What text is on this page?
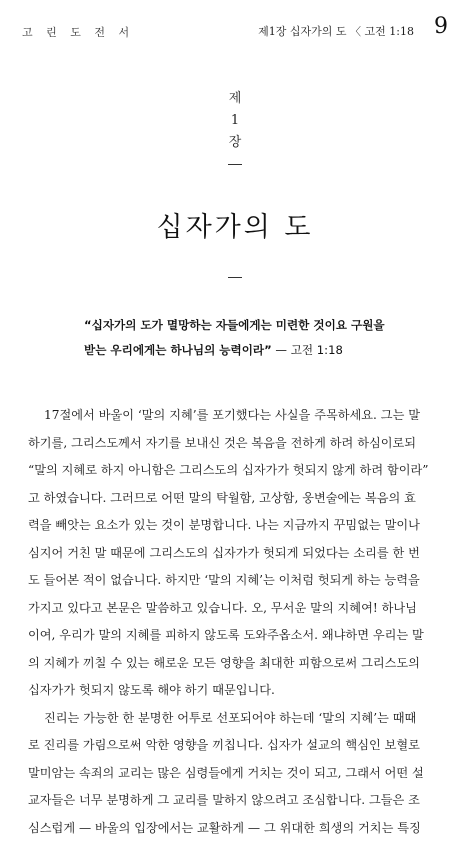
고 린 도 전 서	제1장 십자가의 도 〈 고전 1:18 9
제
1
장
십자가의 도
“십자가의 도가 멸망하는 자들에게는 미련한 것이요 구원을
받는 우리에게는 하나님의 능력이라” — 고전 1:18
17절에서 바울이 ‘말의 지혜’를 포기했다는 사실을 주목하세요. 그는 말
하기를, 그리스도께서 자기를 보내신 것은 복음을 전하게 하려 하심이로되
“말의 지혜로 하지 아니함은 그리스도의 십자가가 헛되지 않게 하려 함이라”
고 하였습니다. 그러므로 어떤 말의 탁월함, 고상함, 웅변술에는 복음의 효
력을 빼앗는 요소가 있는 것이 분명합니다. 나는 지금까지 꾸밈없는 말이나
심지어 거친 말 때문에 그리스도의 십자가가 헛되게 되었다는 소리를 한 번
도 들어본 적이 없습니다. 하지만 ‘말의 지혜’는 이처럼 헛되게 하는 능력을
가지고 있다고 본문은 말씀하고 있습니다. 오, 무서운 말의 지혜여! 하나님
이여, 우리가 말의 지혜를 피하지 않도록 도와주옵소서. 왜냐하면 우리는 말
의 지혜가 끼칠 수 있는 해로운 모든 영향을 최대한 피함으로써 그리스도의
십자가가 헛되지 않도록 해야 하기 때문입니다.
진리는 가능한 한 분명한 어투로 선포되어야 하는데 ‘말의 지혜’는 때때
로 진리를 가림으로써 악한 영향을 끼칩니다. 십자가 설교의 핵심인 보혈로
말미암는 속죄의 교리는 많은 심령들에게 거치는 것이 되고, 그래서 어떤 설
교자들은 너무 분명하게 그 교리를 말하지 않으려고 조심합니다. 그들은 조
심스럽게 — 바울의 입장에서는 교활하게 — 그 위대한 희생의 거치는 특징
